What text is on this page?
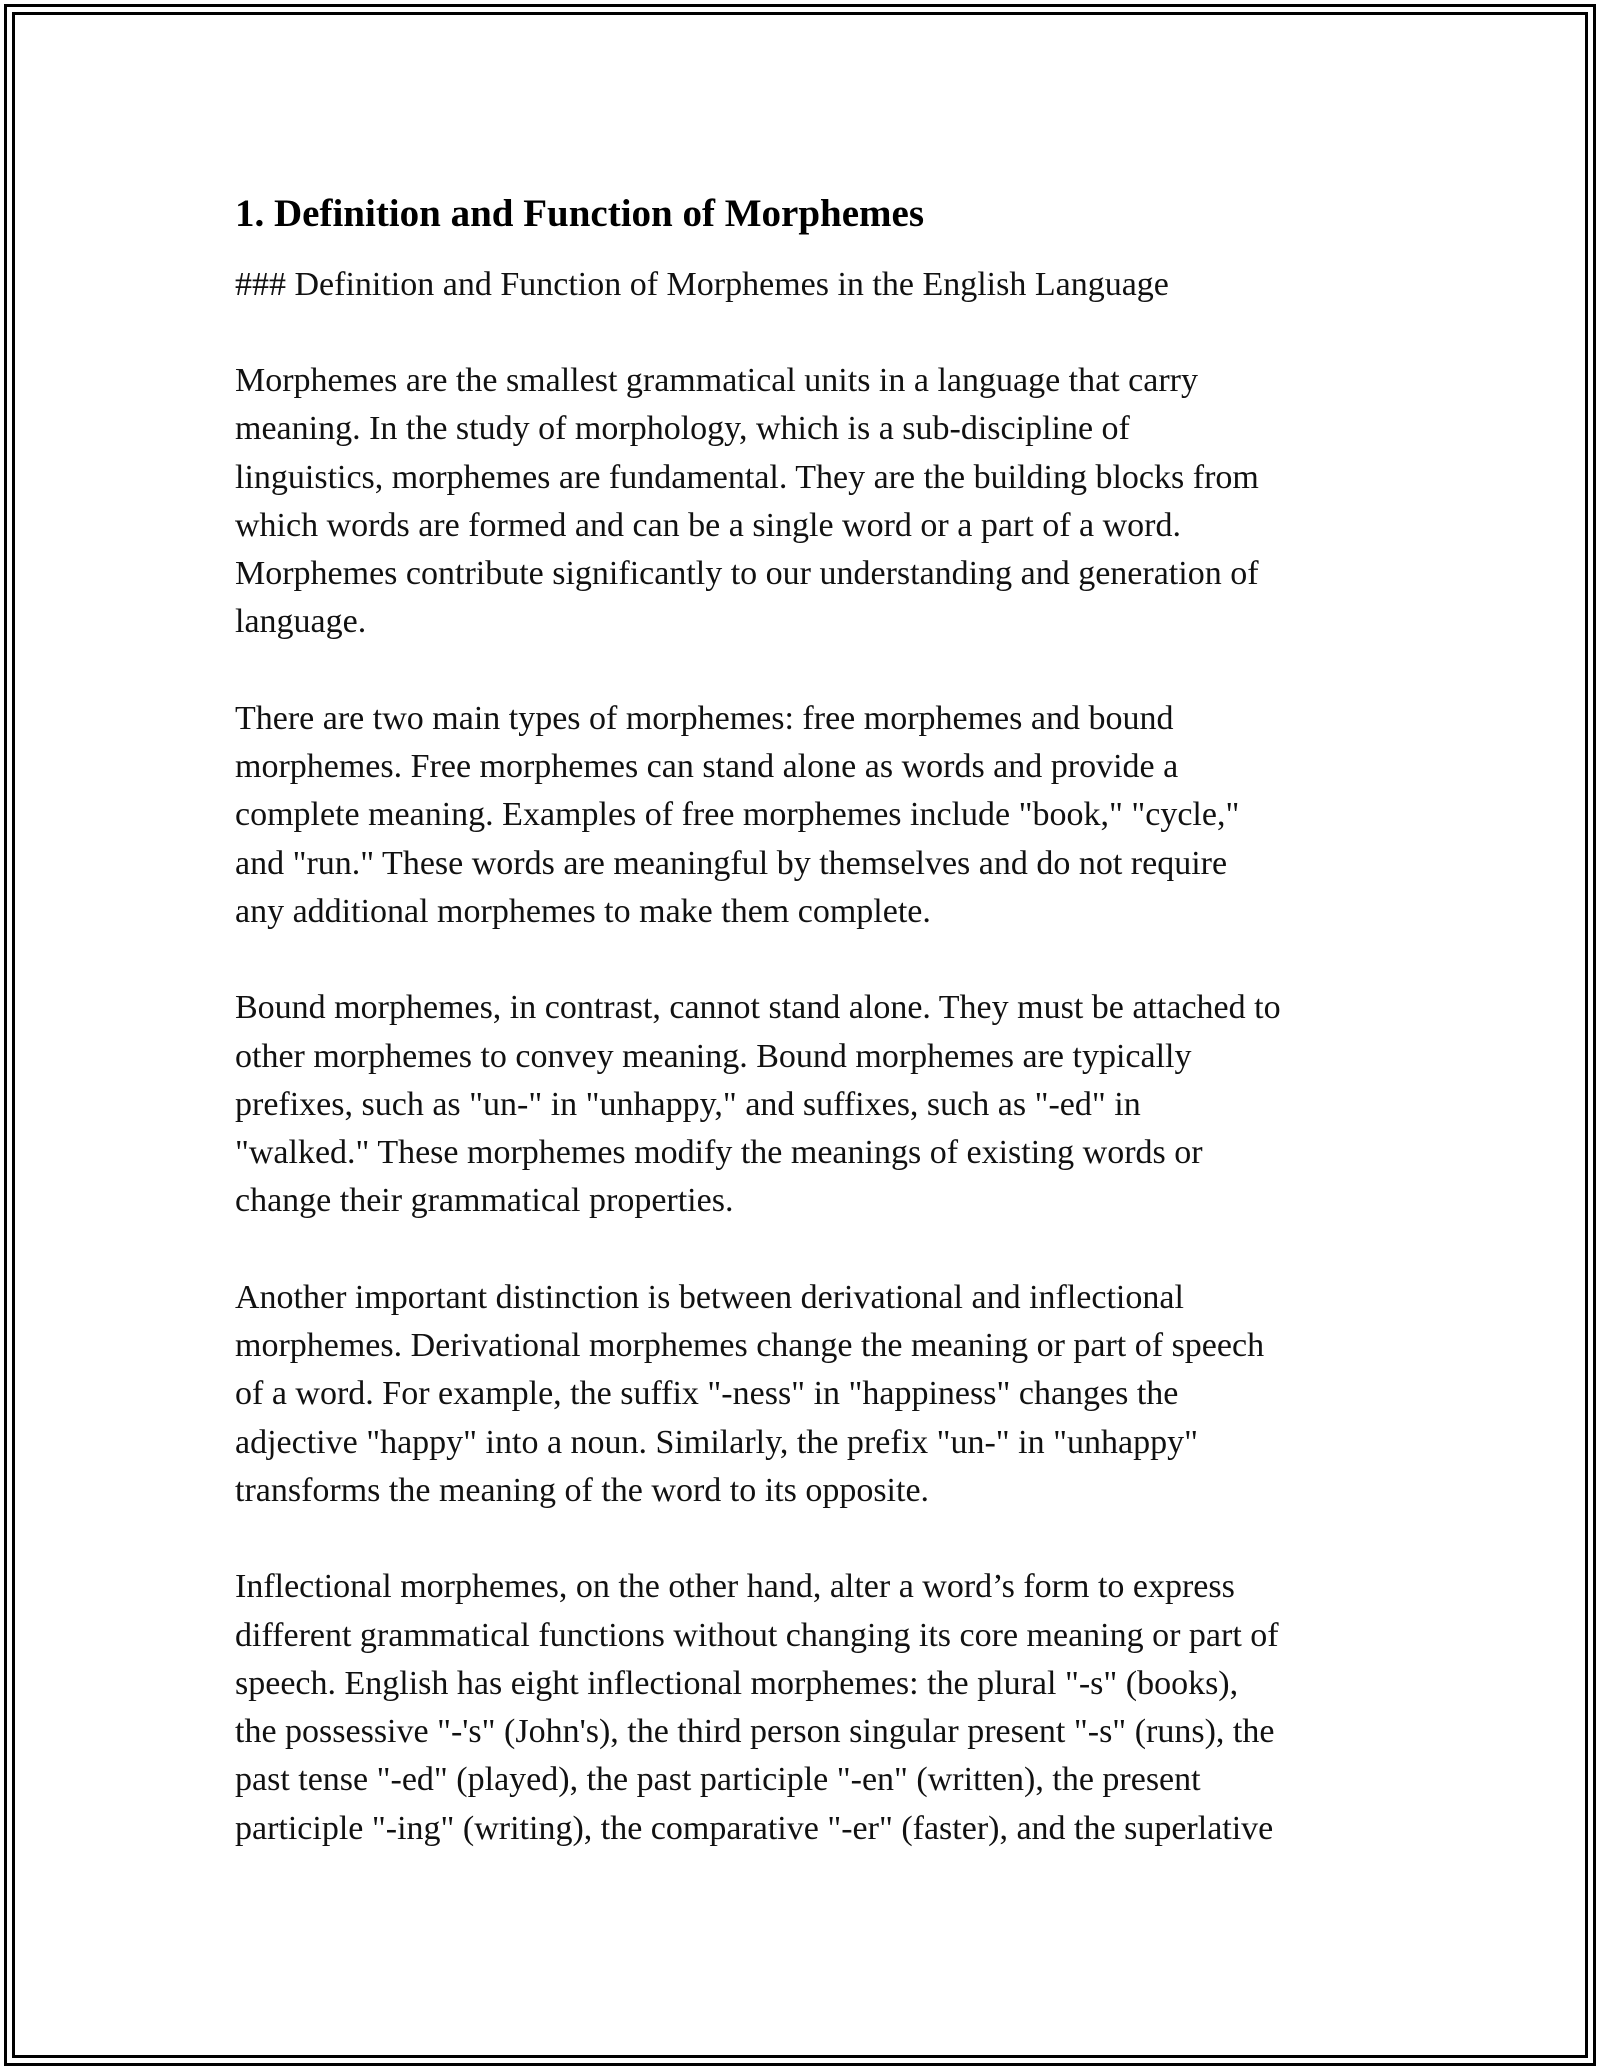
1. Definition and Function of Morphemes

### Definition and Function of Morphemes in the English Language

Morphemes are the smallest grammatical units in a language that carry
meaning. In the study of morphology, which is a sub-discipline of
linguistics, morphemes are fundamental. They are the building blocks from
which words are formed and can be a single word or a part of a word.
Morphemes contribute significantly to our understanding and generation of
language.

There are two main types of morphemes: free morphemes and bound
morphemes. Free morphemes can stand alone as words and provide a
complete meaning. Examples of free morphemes include "book," "cycle,"
and "run." These words are meaningful by themselves and do not require
any additional morphemes to make them complete.

Bound morphemes, in contrast, cannot stand alone. They must be attached to
other morphemes to convey meaning. Bound morphemes are typically
prefixes, such as "un-" in "unhappy," and suffixes, such as "-ed" in
"walked." These morphemes modify the meanings of existing words or
change their grammatical properties.

Another important distinction is between derivational and inflectional
morphemes. Derivational morphemes change the meaning or part of speech
of a word. For example, the suffix "-ness" in "happiness" changes the
adjective "happy" into a noun. Similarly, the prefix "un-" in "unhappy"
transforms the meaning of the word to its opposite.

Inflectional morphemes, on the other hand, alter a word’s form to express
different grammatical functions without changing its core meaning or part of
speech. English has eight inflectional morphemes: the plural "-s" (books),
the possessive "-'s" (John's), the third person singular present "-s" (runs), the
past tense "-ed" (played), the past participle "-en" (written), the present
participle "-ing" (writing), the comparative "-er" (faster), and the superlative
